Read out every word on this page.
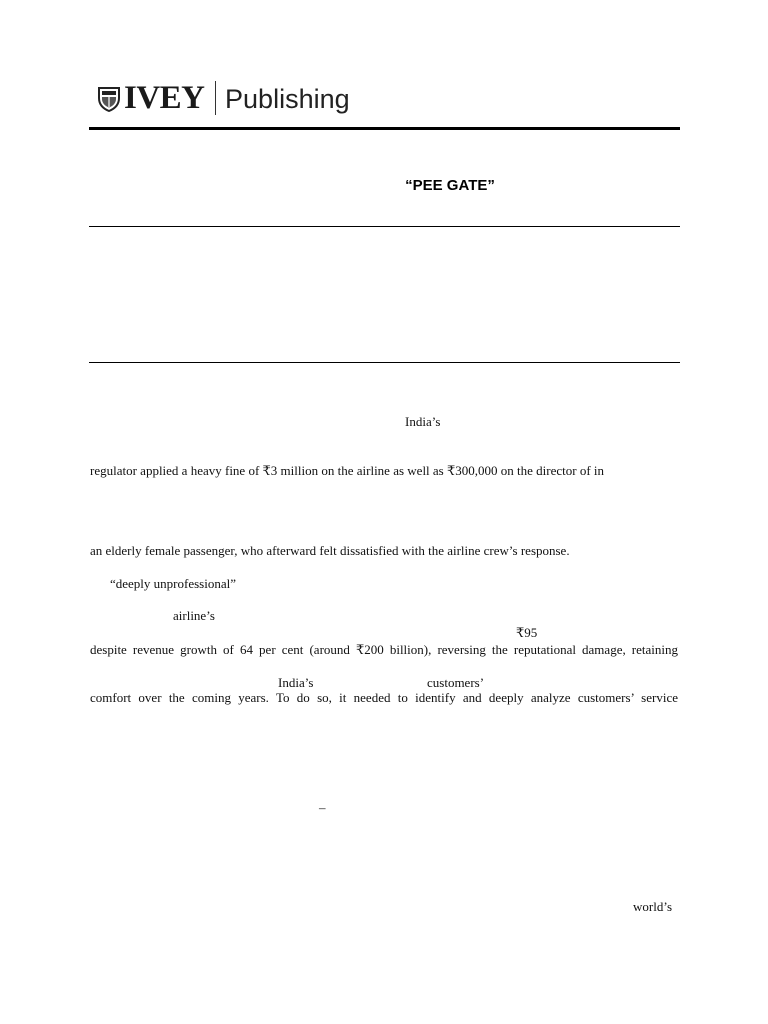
IVEY Publishing
“PEE GATE”
India’s
regulator applied a heavy fine of ₹3 million on the airline as well as ₹300,000 on the director of in
an elderly female passenger, who afterward felt dissatisfied with the airline crew’s response.
“deeply unprofessional”
airline’s
₹95
despite revenue growth of 64 per cent (around ₹200 billion), reversing the reputational damage, retaining
India’s	customers’
comfort over the coming years. To do so, it needed to identify and deeply analyze customers’ service
–
world’s
